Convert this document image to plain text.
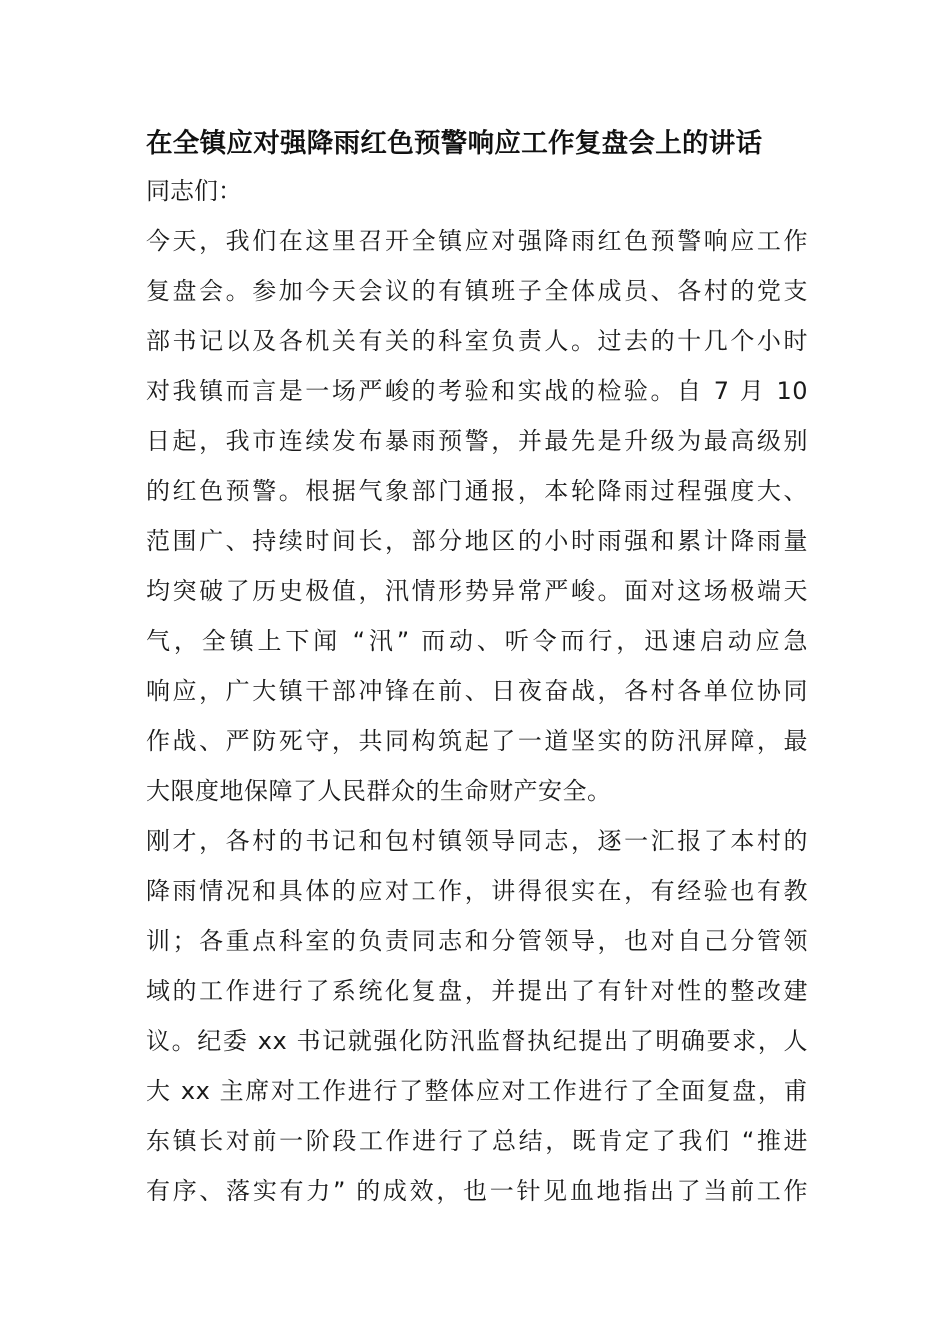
在全镇应对强降雨红色预警响应工作复盘会上的讲话

同志们：

今天，我们在这里召开全镇应对强降雨红色预警响应工作
复盘会。参加今天会议的有镇班子全体成员、各村的党支
部书记以及各机关有关的科室负责人。过去的十几个小时
对我镇而言是一场严峻的考验和实战的检验。自 7 月 10
日起，我市连续发布暴雨预警，并最先是升级为最高级别
的红色预警。根据气象部门通报，本轮降雨过程强度大、
范围广、持续时间长，部分地区的小时雨强和累计降雨量
均突破了历史极值，汛情形势异常严峻。面对这场极端天
气，全镇上下闻 “汛” 而动、听令而行，迅速启动应急
响应，广大镇干部冲锋在前、日夜奋战，各村各单位协同
作战、严防死守，共同构筑起了一道坚实的防汛屏障，最
大限度地保障了人民群众的生命财产安全。

刚才，各村的书记和包村镇领导同志，逐一汇报了本村的
降雨情况和具体的应对工作，讲得很实在，有经验也有教
训；各重点科室的负责同志和分管领导，也对自己分管领
域的工作进行了系统化复盘，并提出了有针对性的整改建
议。纪委 xx 书记就强化防汛监督执纪提出了明确要求，人
大 xx 主席对工作进行了整体应对工作进行了全面复盘，甫
东镇长对前一阶段工作进行了总结，既肯定了我们 “推进
有序、落实有力” 的成效，也一针见血地指出了当前工作
